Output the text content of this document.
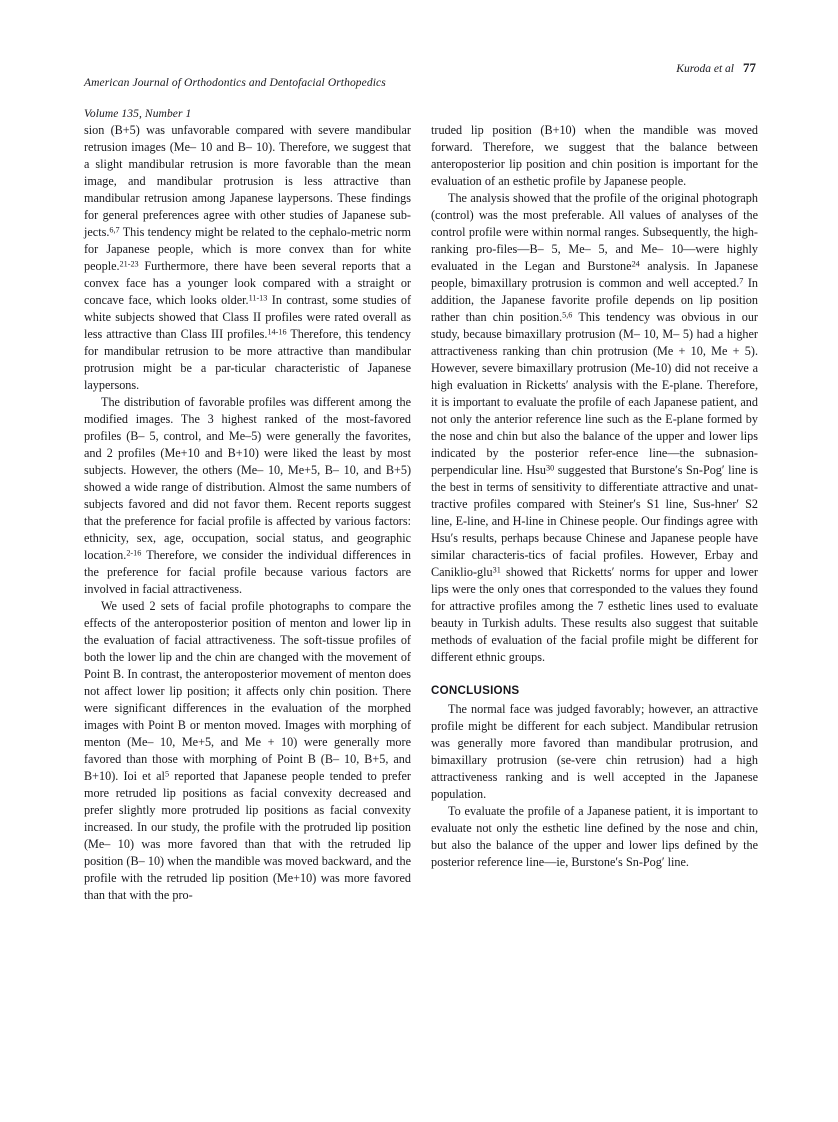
American Journal of Orthodontics and Dentofacial Orthopedics

Volume 135, Number 1

Kuroda et al 77

sion (B+5) was unfavorable compared with severe mandibular retrusion images (Me– 10 and B– 10). Therefore, we suggest that a slight mandibular retrusion is more favorable than the mean image, and mandibular protrusion is less attractive than mandibular retrusion among Japanese laypersons. These findings for general preferences agree with other studies of Japanese sub-jects.$^{6,7}$ This tendency might be related to the cephalo-metric norm for Japanese people, which is more convex than for white people.$^{21-23}$ Furthermore, there have been several reports that a convex face has a younger look compared with a straight or concave face, which looks older.$^{11-13}$ In contrast, some studies of white subjects showed that Class II profiles were rated overall as less attractive than Class III profiles.$^{14-16}$ Therefore, this tendency for mandibular retrusion to be more attractive than mandibular protrusion might be a par-ticular characteristic of Japanese laypersons.

The distribution of favorable profiles was different among the modified images. The 3 highest ranked of the most-favored profiles (B– 5, control, and Me–5) were generally the favorites, and 2 profiles (Me+10 and B+10) were liked the least by most subjects. However, the others (Me– 10, Me+5, B– 10, and B+5) showed a wide range of distribution. Almost the same numbers of subjects favored and did not favor them. Recent reports suggest that the preference for facial profile is affected by various factors: ethnicity, sex, age, occupation, social status, and geographic location.$^{2-16}$ Therefore, we consider the individual differences in the preference for facial profile because various factors are involved in facial attractiveness.

We used 2 sets of facial profile photographs to compare the effects of the anteroposterior position of menton and lower lip in the evaluation of facial attractiveness. The soft-tissue profiles of both the lower lip and the chin are changed with the movement of Point B. In contrast, the anteroposterior movement of menton does not affect lower lip position; it affects only chin position. There were significant differences in the evaluation of the morphed images with Point B or menton moved. Images with morphing of menton (Me– 10, Me+5, and Me + 10) were generally more favored than those with morphing of Point B (B– 10, B+5, and B+10). Ioi et $al^5$ reported that Japanese people tended to prefer more retruded lip positions as facial convexity decreased and prefer slightly more protruded lip positions as facial convexity increased. In our study, the profile with the protruded lip position (Me– 10) was more favored than that with the retruded lip position (B– 10) when the mandible was moved backward, and the profile with the retruded lip position (Me+10) was more favored than that with the pro-

truded lip position (B+10) when the mandible was moved forward. Therefore, we suggest that the balance between anteroposterior lip position and chin position is important for the evaluation of an esthetic profile by Japanese people.

The analysis showed that the profile of the original photograph (control) was the most preferable. All values of analyses of the control profile were within normal ranges. Subsequently, the high-ranking pro-files—B– 5, Me– 5, and Me– 10—were highly evaluated in the Legan and Burstone$^{24}$ analysis. In Japanese people, bimaxillary protrusion is common and well accepted.$^7$ In addition, the Japanese favorite profile depends on lip position rather than chin position.$^{5,6}$ This tendency was obvious in our study, because bimaxillary protrusion (M– 10, M– 5) had a higher attractiveness ranking than chin protrusion (Me + 10, Me + 5). However, severe bimaxillary protrusion (Me-10) did not receive a high evaluation in Rickettsʹ analysis with the E-plane. Therefore, it is important to evaluate the profile of each Japanese patient, and not only the anterior reference line such as the E-plane formed by the nose and chin but also the balance of the upper and lower lips indicated by the posterior refer-ence line—the subnasion-perpendicular line. Hsu$^{30}$ suggested that Burstoneʹs Sn-Pog′ line is the best in terms of sensitivity to differentiate attractive and unat-tractive profiles compared with Steinerʹs S1 line, Sus-hnerʹ S2 line, E-line, and H-line in Chinese people. Our findings agree with Hsuʹs results, perhaps because Chinese and Japanese people have similar characteris-tics of facial profiles. However, Erbay and Caniklio-glu$^{31}$ showed that Rickettsʹ norms for upper and lower lips were the only ones that corresponded to the values they found for attractive profiles among the 7 esthetic lines used to evaluate beauty in Turkish adults. These results also suggest that suitable methods of evaluation of the facial profile might be different for different ethnic groups.

CONCLUSIONS

The normal face was judged favorably; however, an attractive profile might be different for each subject. Mandibular retrusion was generally more favored than mandibular protrusion, and bimaxillary protrusion (se-vere chin retrusion) had a high attractiveness ranking and is well accepted in the Japanese population.

To evaluate the profile of a Japanese patient, it is important to evaluate not only the esthetic line defined by the nose and chin, but also the balance of the upper and lower lips defined by the posterior reference line—ie, Burstoneʹs Sn-Pog′ line.
